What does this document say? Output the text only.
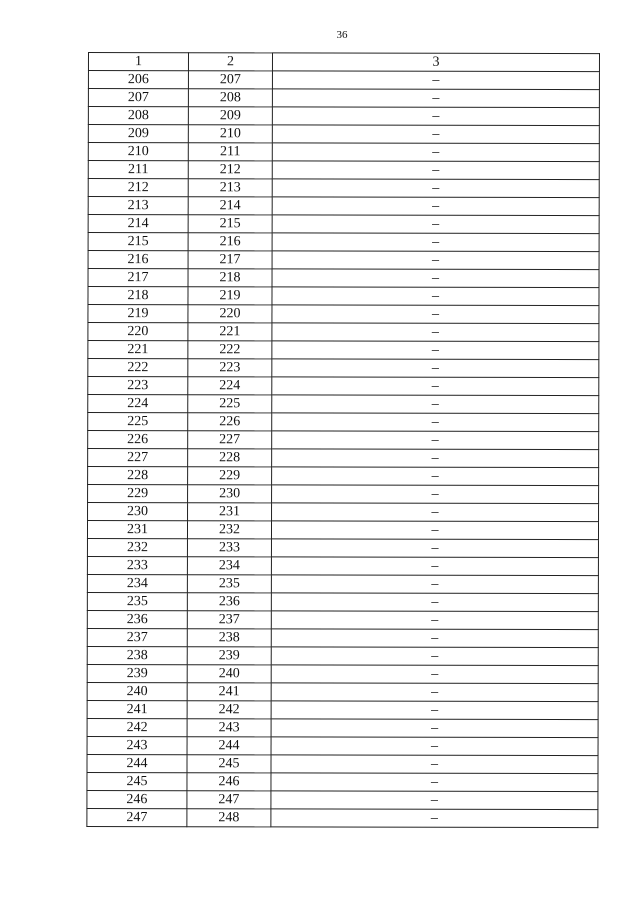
36
1	2	3
206	207	–
207	208	–
208	209	–
209	210	–
210	211	–
211	212	–
212	213	–
213	214	–
214	215	–
215	216	–
216	217	–
217	218	–
218	219	–
219	220	–
220	221	–
221	222	–
222	223	–
223	224	–
224	225	–
225	226	–
226	227	–
227	228	–
228	229	–
229	230	–
230	231	–
231	232	–
232	233	–
233	234	–
234	235	–
235	236	–
236	237	–
237	238	–
238	239	–
239	240	–
240	241	–
241	242	–
242	243	–
243	244	–
244	245	–
245	246	–
246	247	–
247	248	–
